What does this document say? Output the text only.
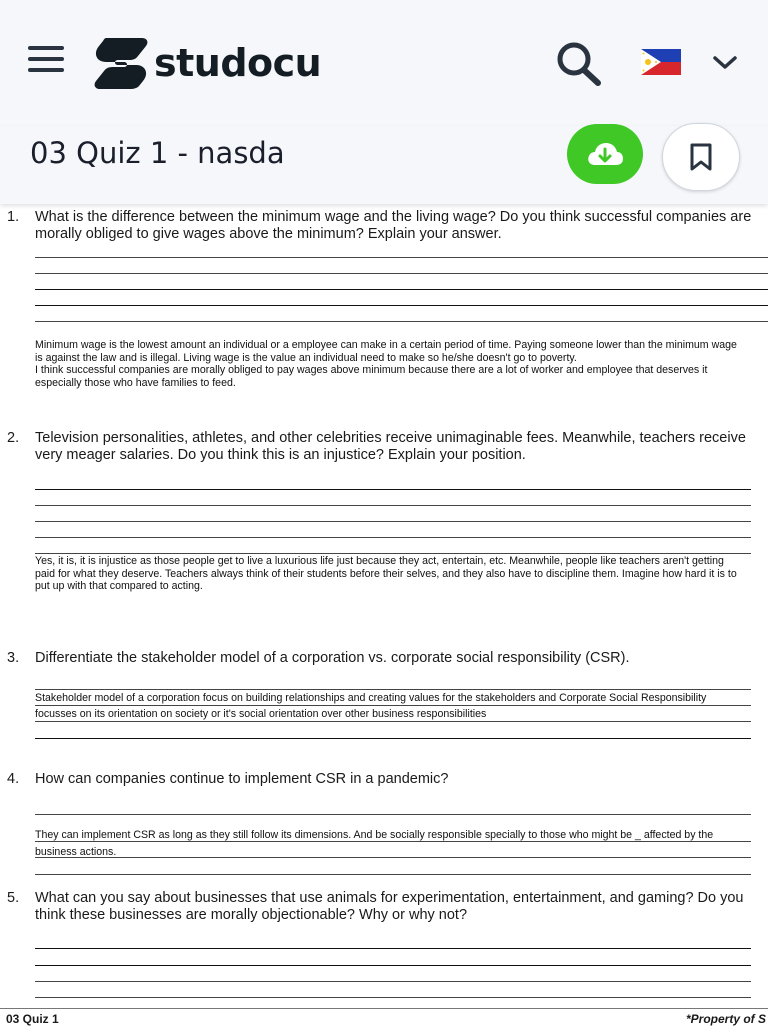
studocu
03 Quiz 1 - nasda
1. What is the difference between the minimum wage and the living wage? Do you think successful companies are morally obliged to give wages above the minimum? Explain your answer.
Minimum wage is the lowest amount an individual or a employee can make in a certain period of time. Paying someone lower than the minimum wage is against the law and is illegal. Living wage is the value an individual need to make so he/she doesn't go to poverty.
I think successful companies are morally obliged to pay wages above minimum because there are a lot of worker and employee that deserves it especially those who have families to feed.
2. Television personalities, athletes, and other celebrities receive unimaginable fees. Meanwhile, teachers receive very meager salaries. Do you think this is an injustice? Explain your position.
Yes, it is, it is injustice as those people get to live a luxurious life just because they act, entertain, etc. Meanwhile, people like teachers aren't getting paid for what they deserve. Teachers always think of their students before their selves, and they also have to discipline them. Imagine how hard it is to put up with that compared to acting.
3. Differentiate the stakeholder model of a corporation vs. corporate social responsibility (CSR).
Stakeholder model of a corporation focus on building relationships and creating values for the stakeholders and Corporate Social Responsibility focusses on its orientation on society or it's social orientation over other business responsibilities
4. How can companies continue to implement CSR in a pandemic?
They can implement CSR as long as they still follow its dimensions. And be socially responsible specially to those who might be _ affected by the business actions.
5. What can you say about businesses that use animals for experimentation, entertainment, and gaming? Do you think these businesses are morally objectionable? Why or why not?
03 Quiz 1	*Property of S
